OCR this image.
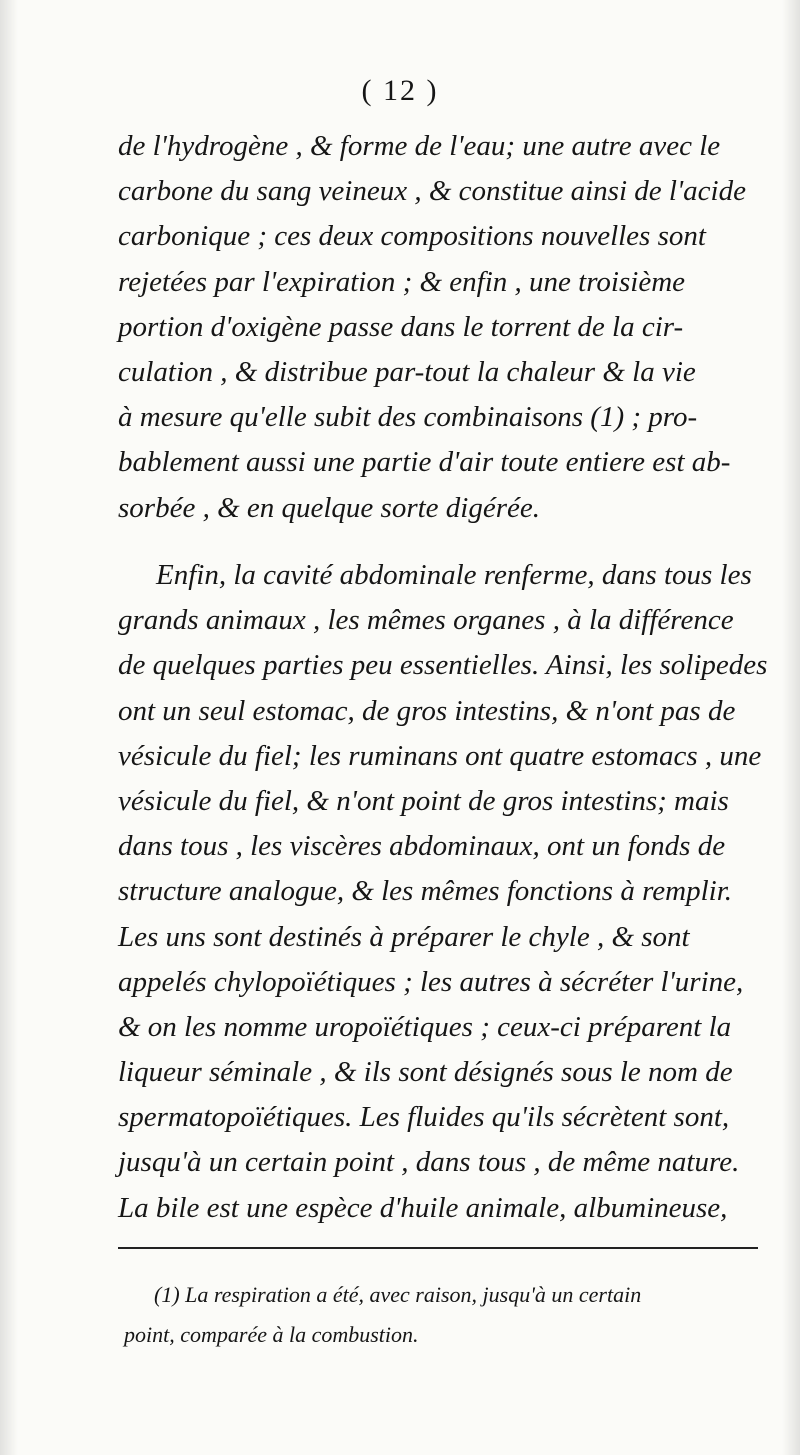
( 12 )
de l'hydrogène , & forme de l'eau; une autre avec le
carbone du sang veineux , & constitue ainsi de l'acide
carbonique ; ces deux compositions nouvelles sont
rejetées par l'expiration ; & enfin , une troisième
portion d'oxigène passe dans le torrent de la cir-
culation , & distribue par-tout la chaleur & la vie
à mesure qu'elle subit des combinaisons (1) ; pro-
bablement aussi une partie d'air toute entiere est ab-
sorbée , & en quelque sorte digérée.
Enfin, la cavité abdominale renferme, dans tous les
grands animaux , les mêmes organes , à la différence
de quelques parties peu essentielles. Ainsi, les solipedes
ont un seul estomac, de gros intestins, & n'ont pas de
vésicule du fiel; les ruminans ont quatre estomacs , une
vésicule du fiel, & n'ont point de gros intestins; mais
dans tous , les viscères abdominaux, ont un fonds de
structure analogue, & les mêmes fonctions à remplir.
Les uns sont destinés à préparer le chyle , & sont
appelés chylopoïétiques ; les autres à sécréter l'urine,
& on les nomme uropoïétiques ; ceux-ci préparent la
liqueur séminale , & ils sont désignés sous le nom de
spermatopoïétiques. Les fluides qu'ils sécrètent sont,
jusqu'à un certain point , dans tous , de même nature.
La bile est une espèce d'huile animale, albumineuse,
(1) La respiration a été, avec raison, jusqu'à un certain
point, comparée à la combustion.
